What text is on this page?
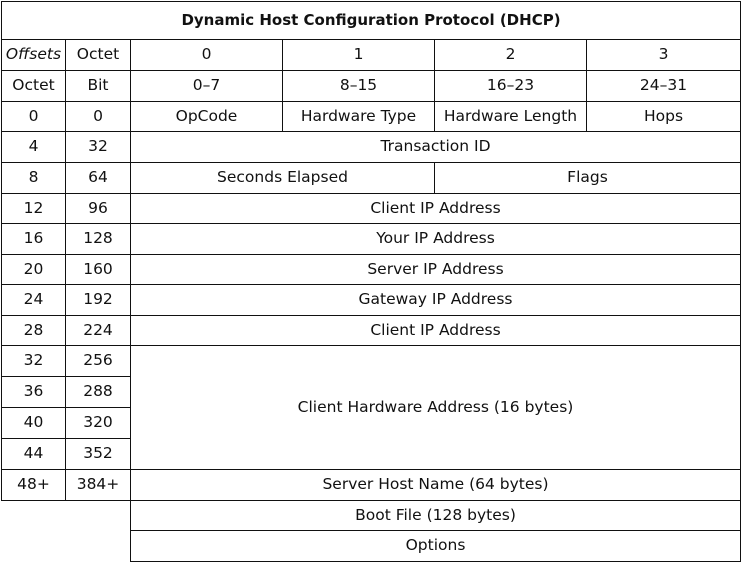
Dynamic Host Configuration Protocol (DHCP)
Offsets	Octet	0	1	2	3
Octet	Bit	0–7	8–15	16–23	24–31
0	0	OpCode	Hardware Type	Hardware Length	Hops
4	32	Transaction ID
8	64	Seconds Elapsed	Flags
12	96	Client IP Address
16	128	Your IP Address
20	160	Server IP Address
24	192	Gateway IP Address
28	224	Client IP Address
32	256
36	288
40	320
44	352
Client Hardware Address (16 bytes)
48+	384+	Server Host Name (64 bytes)
Boot File (128 bytes)
Options
